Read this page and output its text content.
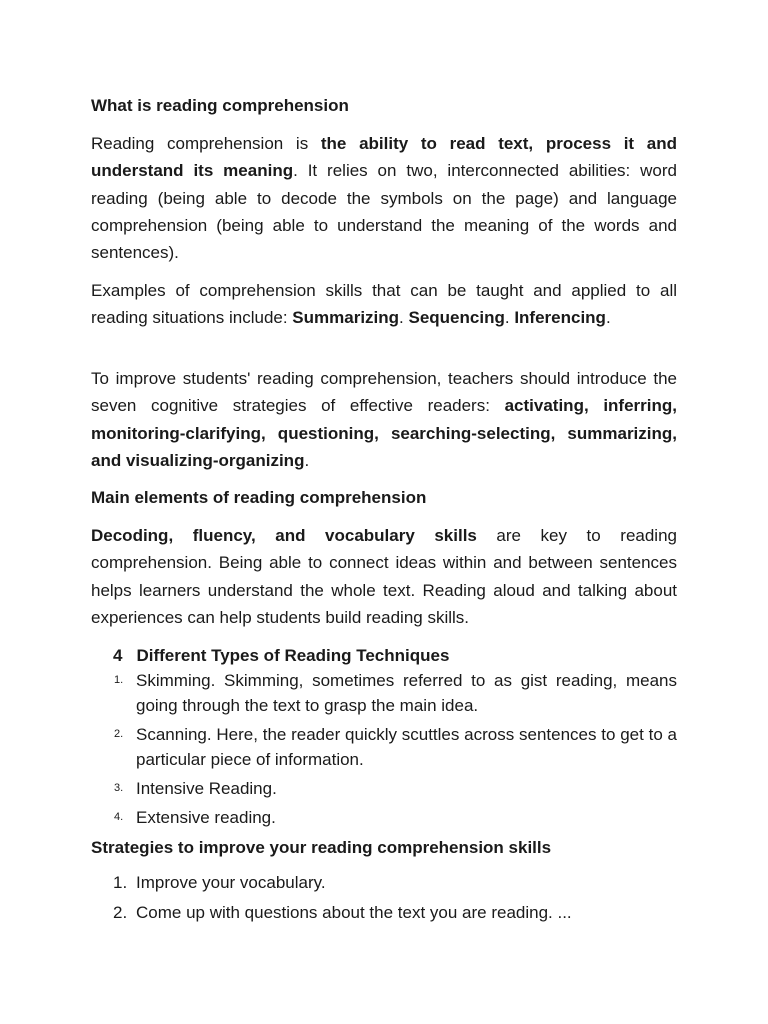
What is reading comprehension

Reading comprehension is the ability to read text, process it and understand its meaning. It relies on two, interconnected abilities: word reading (being able to decode the symbols on the page) and language comprehension (being able to understand the meaning of the words and sentences).

Examples of comprehension skills that can be taught and applied to all reading situations include: Summarizing. Sequencing. Inferencing.

To improve students' reading comprehension, teachers should introduce the seven cognitive strategies of effective readers: activating, inferring, monitoring-clarifying, questioning, searching-selecting, summarizing, and visualizing-organizing.

Main elements of reading comprehension

Decoding, fluency, and vocabulary skills are key to reading comprehension. Being able to connect ideas within and between sentences helps learners understand the whole text. Reading aloud and talking about experiences can help students build reading skills.

4 Different Types of Reading Techniques
1. Skimming. Skimming, sometimes referred to as gist reading, means going through the text to grasp the main idea.
2. Scanning. Here, the reader quickly scuttles across sentences to get to a particular piece of information.
3. Intensive Reading.
4. Extensive reading.
Strategies to improve your reading comprehension skills
1. Improve your vocabulary.
2. Come up with questions about the text you are reading. ...
